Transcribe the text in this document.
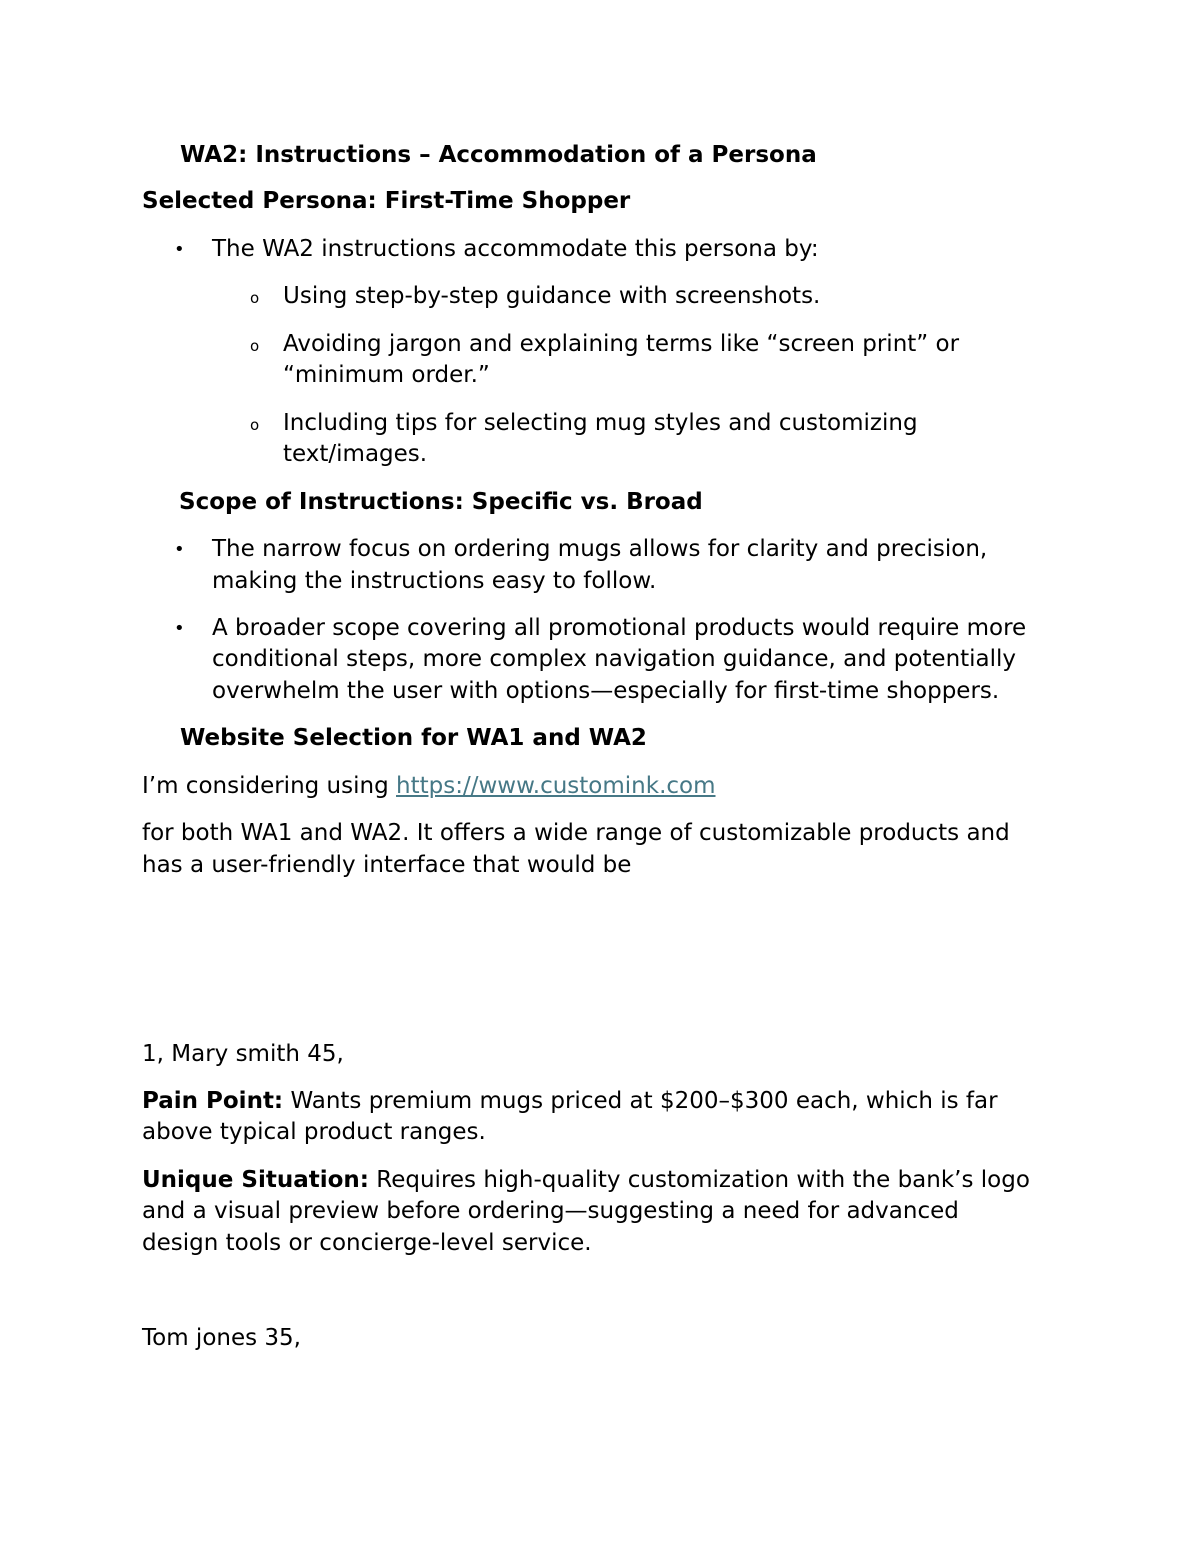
WA2: Instructions – Accommodation of a Persona

Selected Persona: First-Time Shopper

• The WA2 instructions accommodate this persona by:

o Using step-by-step guidance with screenshots.

o Avoiding jargon and explaining terms like “screen print” or

“minimum order.”

o Including tips for selecting mug styles and customizing

text/images.

Scope of Instructions: Specific vs. Broad

• The narrow focus on ordering mugs allows for clarity and precision,

making the instructions easy to follow.

• A broader scope covering all promotional products would require more

conditional steps, more complex navigation guidance, and potentially

overwhelm the user with options—especially for first-time shoppers.

Website Selection for WA1 and WA2

I’m considering using https://www.customink.com

for both WA1 and WA2. It offers a wide range of customizable products and

has a user-friendly interface that would be

1, Mary smith 45,

Pain Point: Wants premium mugs priced at $200–$300 each, which is far

above typical product ranges.

Unique Situation: Requires high-quality customization with the bank’s logo

and a visual preview before ordering—suggesting a need for advanced

design tools or concierge-level service.

Tom jones 35,
